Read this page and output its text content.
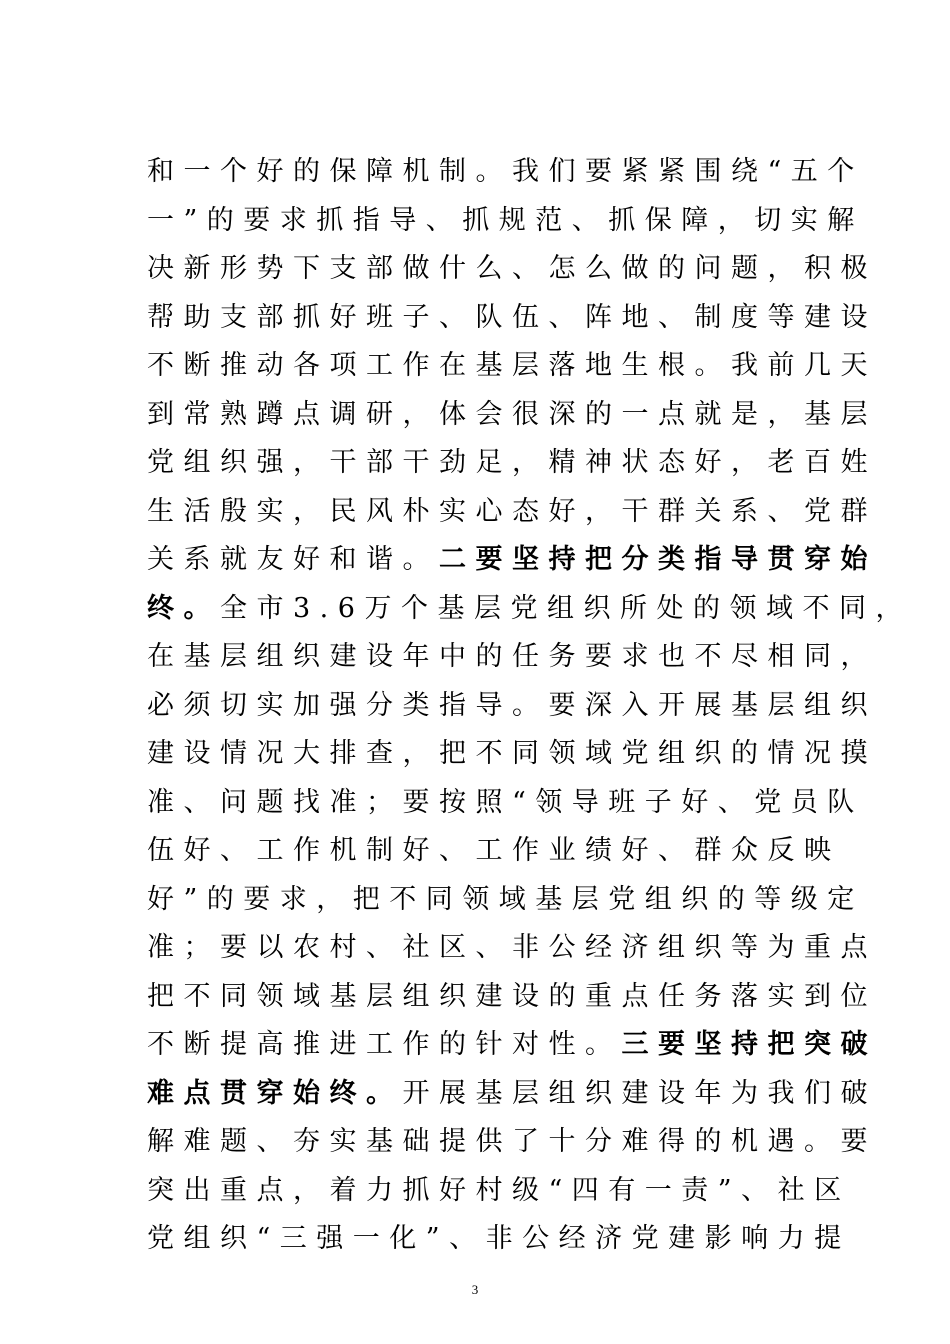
和一个好的保障机制。我们要紧紧围绕“五个
一”的要求抓指导、抓规范、抓保障，切实解
决新形势下支部做什么、怎么做的问题，积极
帮助支部抓好班子、队伍、阵地、制度等建设
不断推动各项工作在基层落地生根。我前几天
到常熟蹲点调研，体会很深的一点就是，基层
党组织强，干部干劲足，精神状态好，老百姓
生活殷实，民风朴实心态好，干群关系、党群
关系就友好和谐。二要坚持把分类指导贯穿始
终。全市3.6万个基层党组织所处的领域不同，
在基层组织建设年中的任务要求也不尽相同，
必须切实加强分类指导。要深入开展基层组织
建设情况大排查，把不同领域党组织的情况摸
准、问题找准；要按照“领导班子好、党员队
伍好、工作机制好、工作业绩好、群众反映
好”的要求，把不同领域基层党组织的等级定
准；要以农村、社区、非公经济组织等为重点
把不同领域基层组织建设的重点任务落实到位
不断提高推进工作的针对性。三要坚持把突破
难点贯穿始终。开展基层组织建设年为我们破
解难题、夯实基础提供了十分难得的机遇。要
突出重点，着力抓好村级“四有一责”、社区
党组织“三强一化”、非公经济党建影响力提
3
